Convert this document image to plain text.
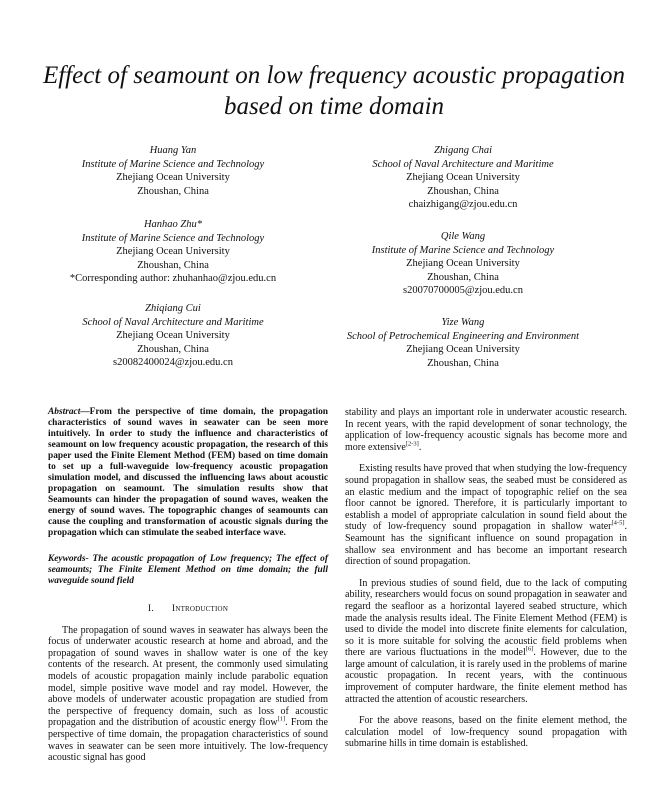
Effect of seamount on low frequency acoustic propagation based on time domain
Huang Yan
Institute of Marine Science and Technology
Zhejiang Ocean University
Zhoushan, China
Hanhao Zhu*
Institute of Marine Science and Technology
Zhejiang Ocean University
Zhoushan, China
*Corresponding author: zhuhanhao@zjou.edu.cn
Zhiqiang Cui
School of Naval Architecture and Maritime
Zhejiang Ocean University
Zhoushan, China
s20082400024@zjou.edu.cn
Zhigang Chai
School of Naval Architecture and Maritime
Zhejiang Ocean University
Zhoushan, China
chaizhigang@zjou.edu.cn
Qile Wang
Institute of Marine Science and Technology
Zhejiang Ocean University
Zhoushan, China
s20070700005@zjou.edu.cn
Yize Wang
School of Petrochemical Engineering and Environment
Zhejiang Ocean University
Zhoushan, China

Abstract—From the perspective of time domain, the propagation characteristics of sound waves in seawater can be seen more intuitively. In order to study the influence and characteristics of seamount on low frequency acoustic propagation, the research of this paper used the Finite Element Method (FEM) based on time domain to set up a full-waveguide low-frequency acoustic propagation simulation model, and discussed the influencing laws about acoustic propagation on seamount. The simulation results show that Seamounts can hinder the propagation of sound waves, weaken the energy of sound waves. The topographic changes of seamounts can cause the coupling and transformation of acoustic signals during the propagation which can stimulate the seabed interface wave.

Keywords- The acoustic propagation of Low frequency; The effect of seamounts; The Finite Element Method on time domain; the full waveguide sound field

I. Introduction

The propagation of sound waves in seawater has always been the focus of underwater acoustic research at home and abroad, and the propagation of sound waves in shallow water is one of the key contents of the research. At present, the commonly used simulating models of acoustic propagation mainly include parabolic equation model, simple positive wave model and ray model. However, the above models of underwater acoustic propagation are studied from the perspective of frequency domain, such as loss of acoustic propagation and the distribution of acoustic energy flow[1]. From the perspective of time domain, the propagation characteristics of sound waves in seawater can be seen more intuitively. The low-frequency acoustic signal has good

stability and plays an important role in underwater acoustic research. In recent years, with the rapid development of sonar technology, the application of low-frequency acoustic signals has become more and more extensive[2-3].

Existing results have proved that when studying the low-frequency sound propagation in shallow seas, the seabed must be considered as an elastic medium and the impact of topographic relief on the sea floor cannot be ignored. Therefore, it is particularly important to establish a model of appropriate calculation in sound field about the study of low-frequency sound propagation in shallow water[4-5]. Seamount has the significant influence on sound propagation in shallow sea environment and has become an important research direction of sound propagation.

In previous studies of sound field, due to the lack of computing ability, researchers would focus on sound propagation in seawater and regard the seafloor as a horizontal layered seabed structure, which made the analysis results ideal. The Finite Element Method (FEM) is used to divide the model into discrete finite elements for calculation, so it is more suitable for solving the acoustic field problems when there are various fluctuations in the model[6]. However, due to the large amount of calculation, it is rarely used in the problems of marine acoustic propagation. In recent years, with the continuous improvement of computer hardware, the finite element method has attracted the attention of acoustic researchers.

For the above reasons, based on the finite element method, the calculation model of low-frequency sound propagation with submarine hills in time domain is established.
